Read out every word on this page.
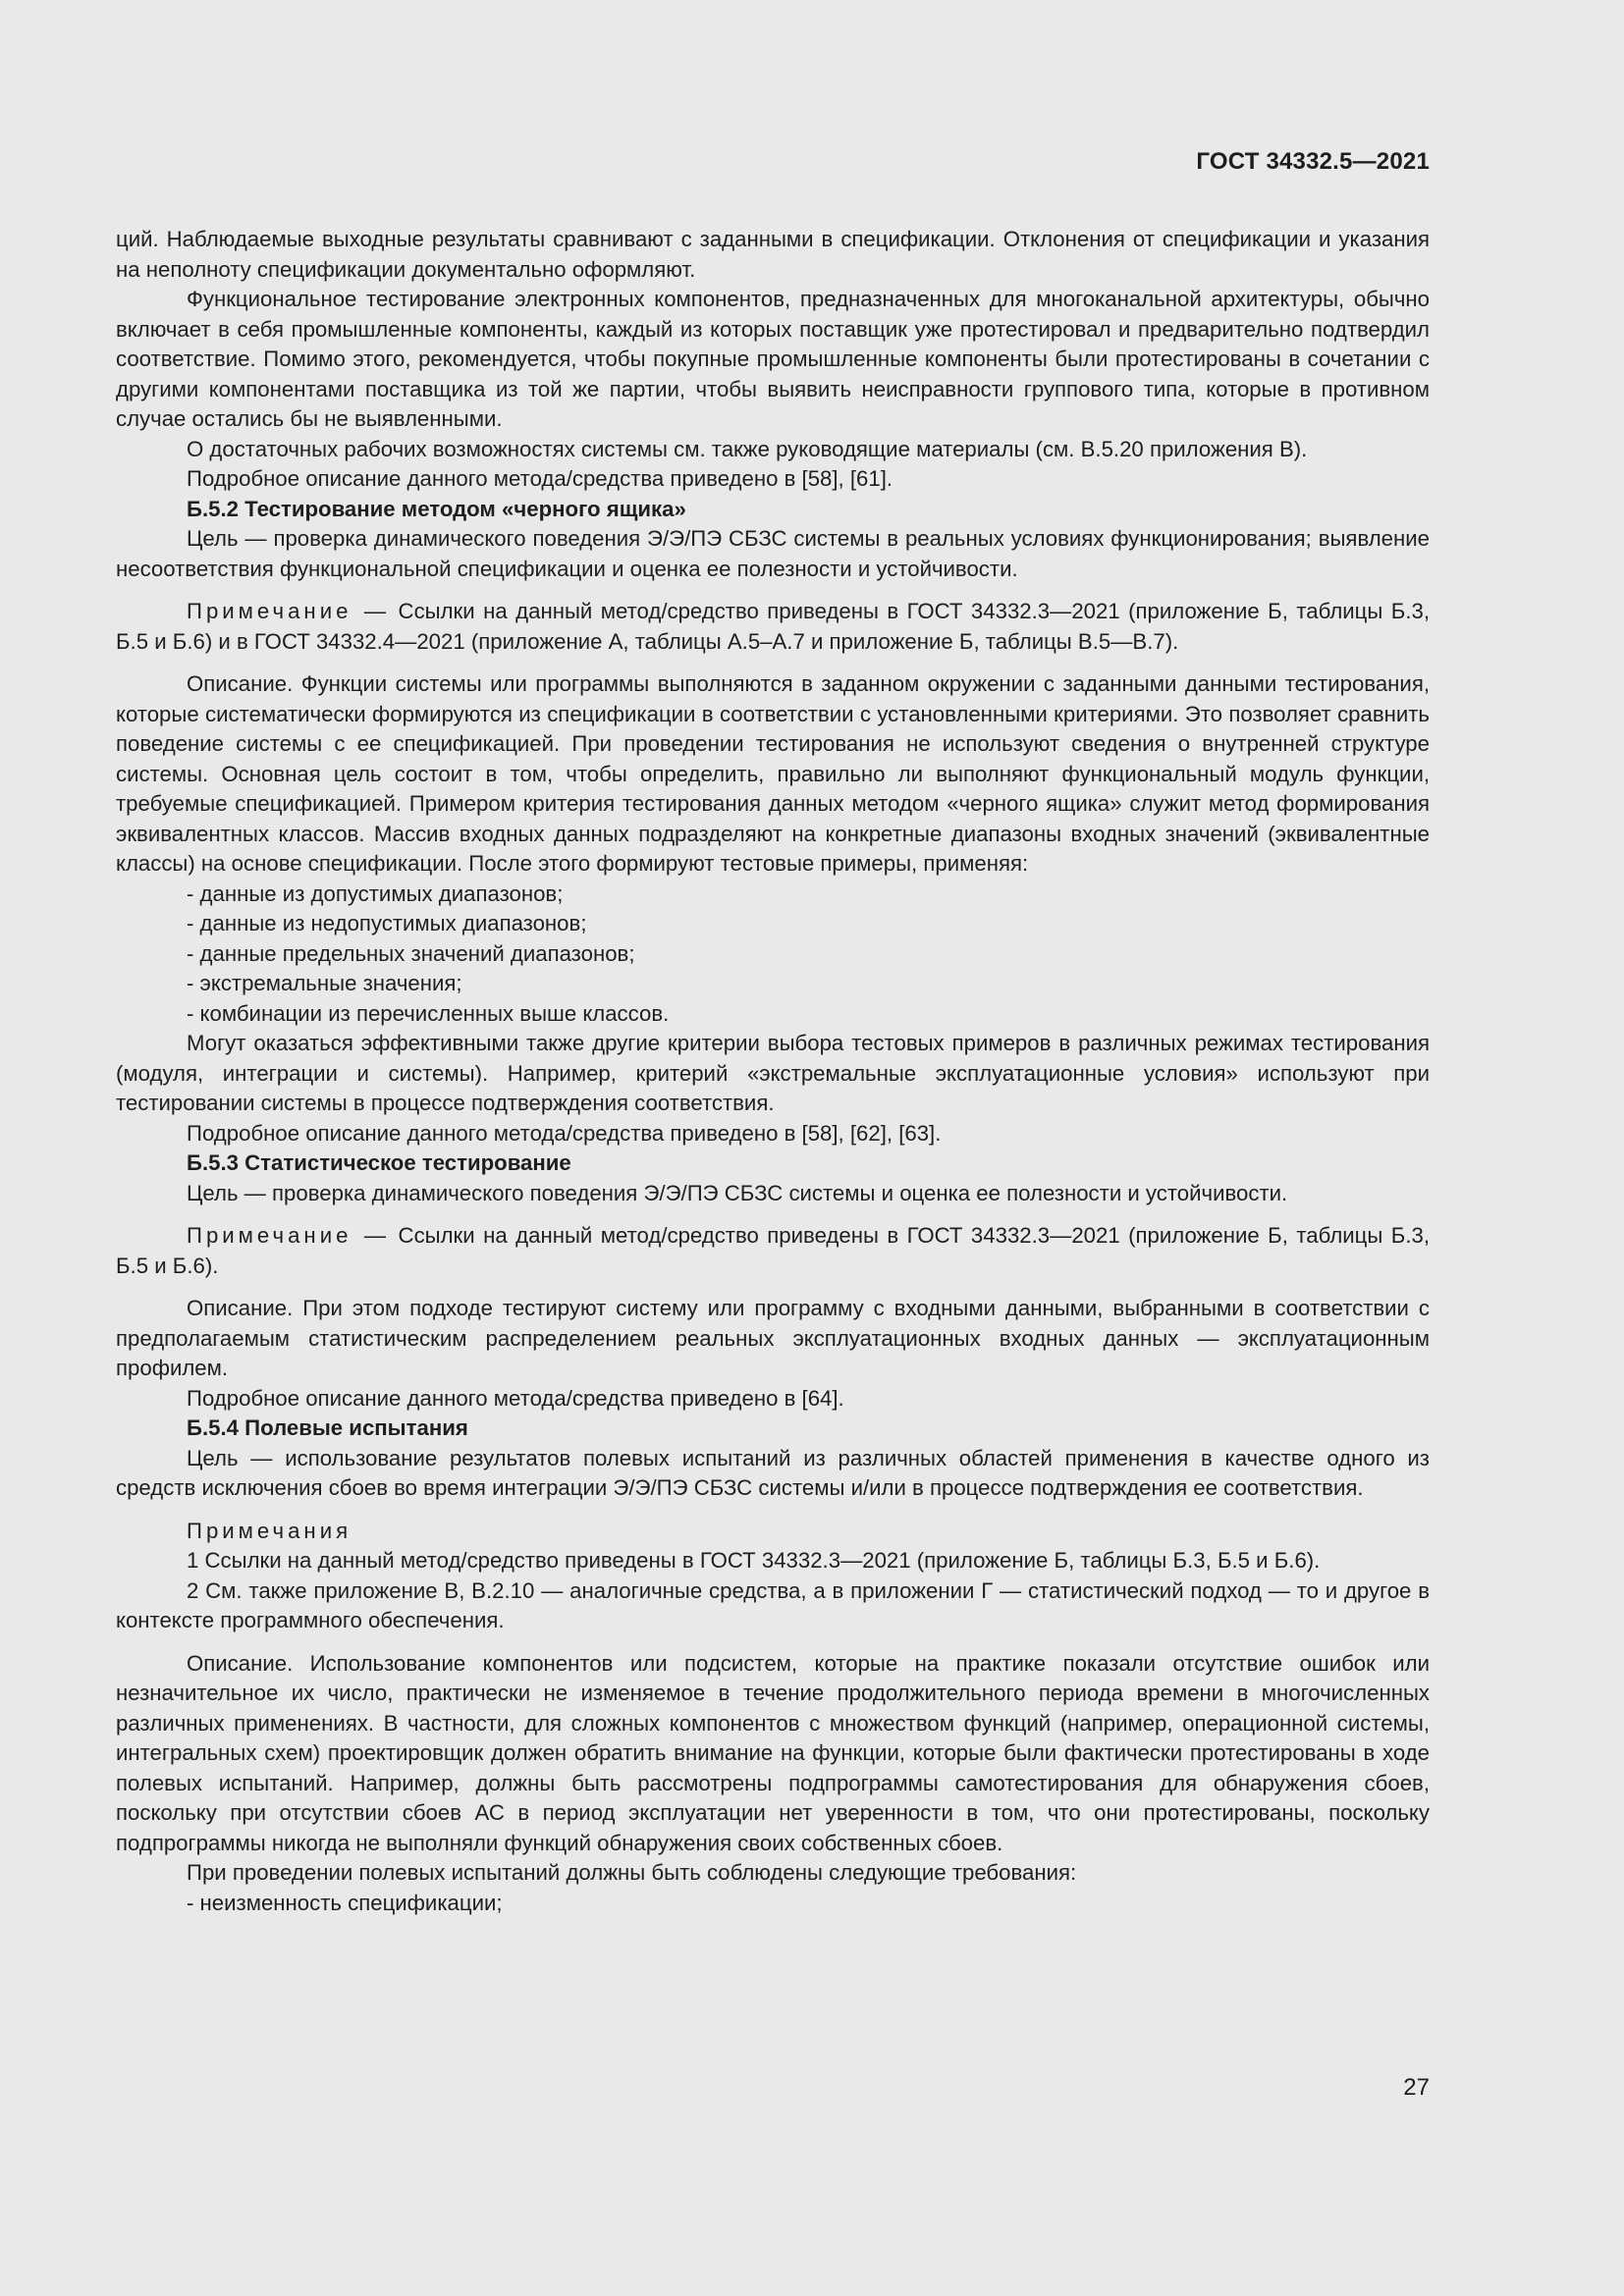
ГОСТ 34332.5—2021

ций. Наблюдаемые выходные результаты сравнивают с заданными в спецификации. Отклонения от спецификации и указания на неполноту спецификации документально оформляют.

Функциональное тестирование электронных компонентов, предназначенных для многоканальной архитектуры, обычно включает в себя промышленные компоненты, каждый из которых поставщик уже протестировал и предварительно подтвердил соответствие. Помимо этого, рекомендуется, чтобы покупные промышленные компоненты были протестированы в сочетании с другими компонентами поставщика из той же партии, чтобы выявить неисправности группового типа, которые в противном случае остались бы не выявленными.

О достаточных рабочих возможностях системы см. также руководящие материалы (см. В.5.20 приложения В).

Подробное описание данного метода/средства приведено в [58], [61].

Б.5.2 Тестирование методом «черного ящика»

Цель — проверка динамического поведения Э/Э/ПЭ СБЗС системы в реальных условиях функционирования; выявление несоответствия функциональной спецификации и оценка ее полезности и устойчивости.

Примечание — Ссылки на данный метод/средство приведены в ГОСТ 34332.3—2021 (приложение Б, таблицы Б.3, Б.5 и Б.6) и в ГОСТ 34332.4—2021 (приложение А, таблицы А.5–А.7 и приложение Б, таблицы В.5—В.7).

Описание. Функции системы или программы выполняются в заданном окружении с заданными данными тестирования, которые систематически формируются из спецификации в соответствии с установленными критериями. Это позволяет сравнить поведение системы с ее спецификацией. При проведении тестирования не используют сведения о внутренней структуре системы. Основная цель состоит в том, чтобы определить, правильно ли выполняют функциональный модуль функции, требуемые спецификацией. Примером критерия тестирования данных методом «черного ящика» служит метод формирования эквивалентных классов. Массив входных данных подразделяют на конкретные диапазоны входных значений (эквивалентные классы) на основе спецификации. После этого формируют тестовые примеры, применяя:

- данные из допустимых диапазонов;

- данные из недопустимых диапазонов;

- данные предельных значений диапазонов;

- экстремальные значения;

- комбинации из перечисленных выше классов.

Могут оказаться эффективными также другие критерии выбора тестовых примеров в различных режимах тестирования (модуля, интеграции и системы). Например, критерий «экстремальные эксплуатационные условия» используют при тестировании системы в процессе подтверждения соответствия.

Подробное описание данного метода/средства приведено в [58], [62], [63].

Б.5.3 Статистическое тестирование

Цель — проверка динамического поведения Э/Э/ПЭ СБЗС системы и оценка ее полезности и устойчивости.

Примечание — Ссылки на данный метод/средство приведены в ГОСТ 34332.3—2021 (приложение Б, таблицы Б.3, Б.5 и Б.6).

Описание. При этом подходе тестируют систему или программу с входными данными, выбранными в соответствии с предполагаемым статистическим распределением реальных эксплуатационных входных данных — эксплуатационным профилем.

Подробное описание данного метода/средства приведено в [64].

Б.5.4 Полевые испытания

Цель — использование результатов полевых испытаний из различных областей применения в качестве одного из средств исключения сбоев во время интеграции Э/Э/ПЭ СБЗС системы и/или в процессе подтверждения ее соответствия.

Примечания

1 Ссылки на данный метод/средство приведены в ГОСТ 34332.3—2021 (приложение Б, таблицы Б.3, Б.5 и Б.6).

2 См. также приложение В, В.2.10 — аналогичные средства, а в приложении Г — статистический подход — то и другое в контексте программного обеспечения.

Описание. Использование компонентов или подсистем, которые на практике показали отсутствие ошибок или незначительное их число, практически не изменяемое в течение продолжительного периода времени в многочисленных различных применениях. В частности, для сложных компонентов с множеством функций (например, операционной системы, интегральных схем) проектировщик должен обратить внимание на функции, которые были фактически протестированы в ходе полевых испытаний. Например, должны быть рассмотрены подпрограммы самотестирования для обнаружения сбоев, поскольку при отсутствии сбоев АС в период эксплуатации нет уверенности в том, что они протестированы, поскольку подпрограммы никогда не выполняли функций обнаружения своих собственных сбоев.

При проведении полевых испытаний должны быть соблюдены следующие требования:

- неизменность спецификации;

27
